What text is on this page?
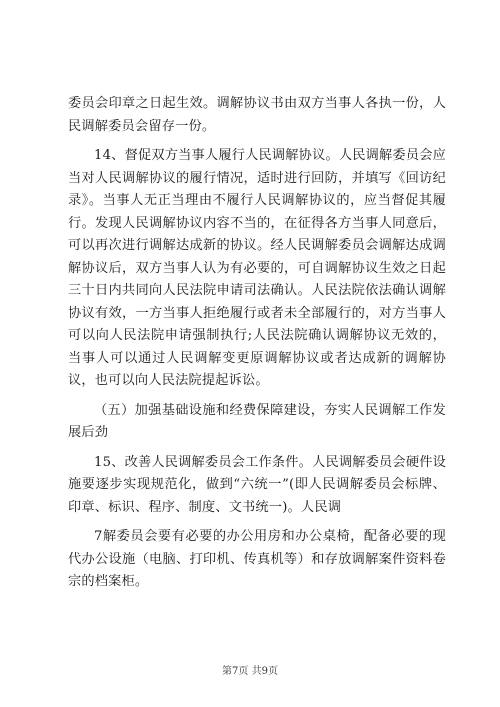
委员会印章之日起生效。调解协议书由双方当事人各执一份，人民调解委员会留存一份。

14、督促双方当事人履行人民调解协议。人民调解委员会应当对人民调解协议的履行情况，适时进行回防，并填写《回访纪录》。当事人无正当理由不履行人民调解协议的，应当督促其履行。发现人民调解协议内容不当的，在征得各方当事人同意后，可以再次进行调解达成新的协议。经人民调解委员会调解达成调解协议后，双方当事人认为有必要的，可自调解协议生效之日起三十日内共同向人民法院申请司法确认。人民法院依法确认调解协议有效，一方当事人拒绝履行或者未全部履行的，对方当事人可以向人民法院申请强制执行;人民法院确认调解协议无效的，当事人可以通过人民调解变更原调解协议或者达成新的调解协议，也可以向人民法院提起诉讼。

（五）加强基础设施和经费保障建设，夯实人民调解工作发展后劲

15、改善人民调解委员会工作条件。人民调解委员会硬件设施要逐步实现规范化，做到“六统一”(即人民调解委员会标牌、印章、标识、程序、制度、文书统一)。人民调

7解委员会要有必要的办公用房和办公桌椅，配备必要的现代办公设施（电脑、打印机、传真机等）和存放调解案件资料卷宗的档案柜。

第7页 共9页
